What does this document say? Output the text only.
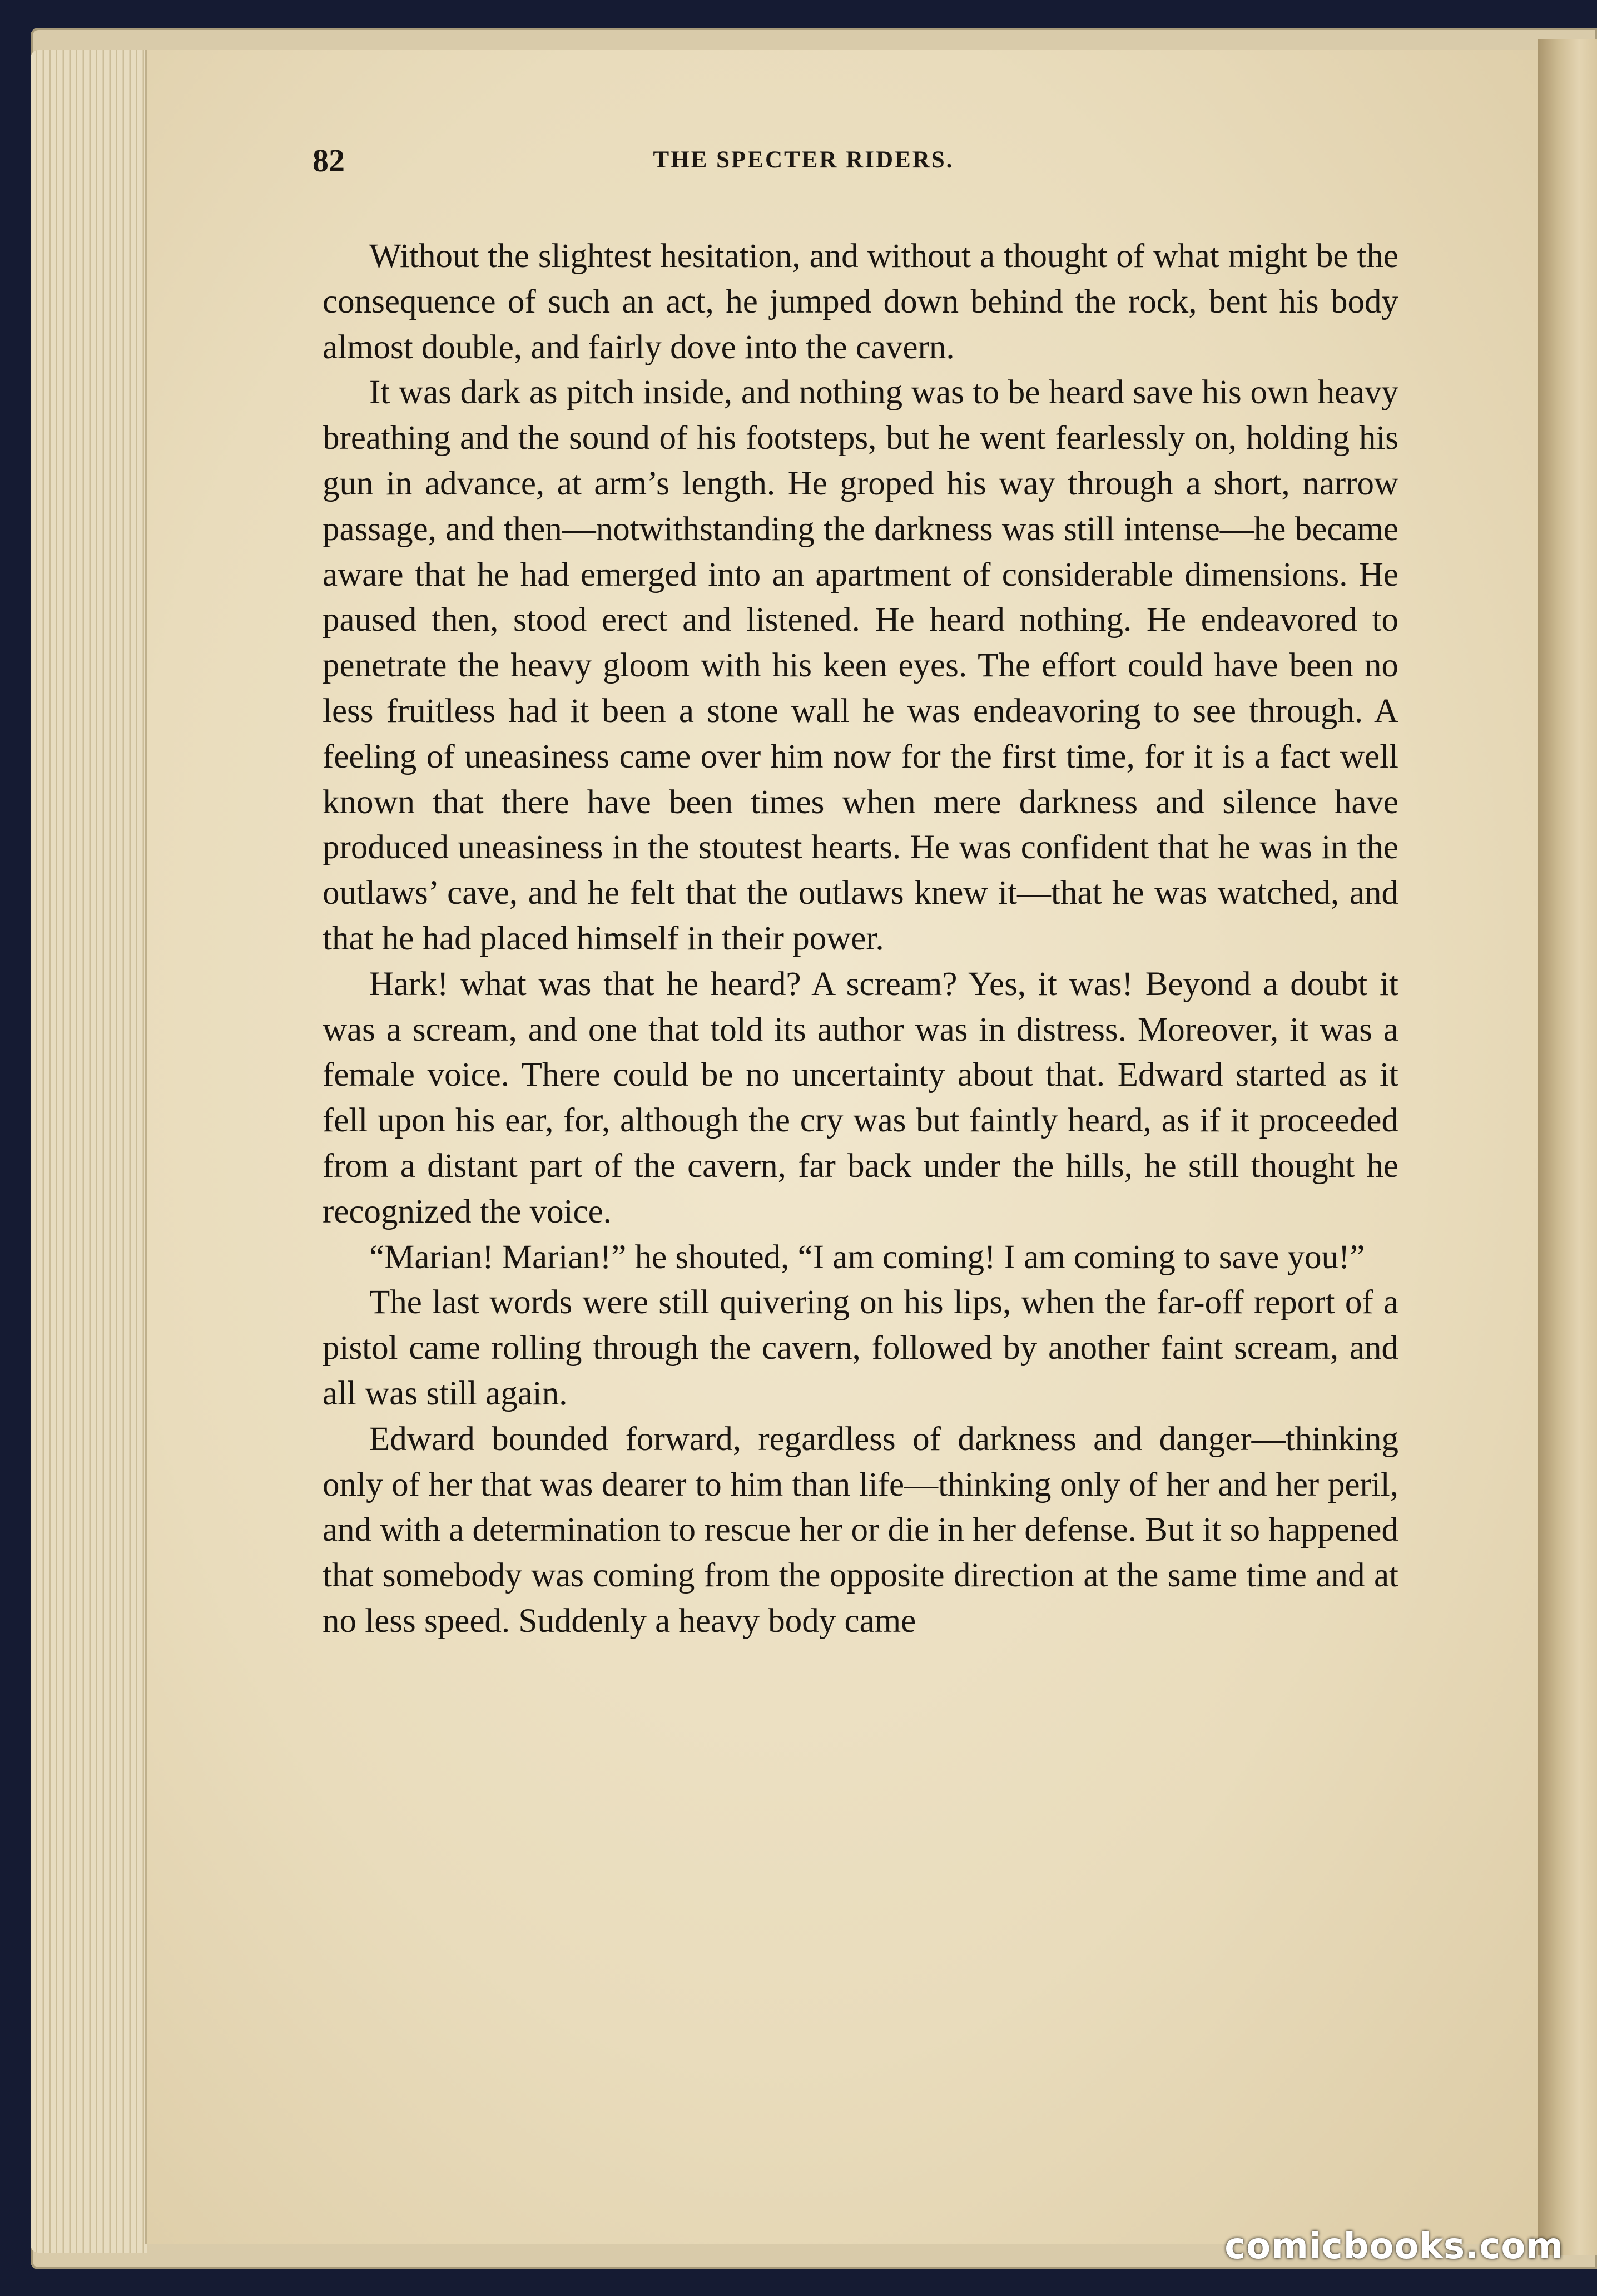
82	THE SPECTER RIDERS.

Without the slightest hesitation, and without a thought of what might be the consequence of such an act, he jumped down behind the rock, bent his body almost double, and fairly dove into the cavern.

It was dark as pitch inside, and nothing was to be heard save his own heavy breathing and the sound of his footsteps, but he went fearlessly on, holding his gun in advance, at arm’s length. He groped his way through a short, narrow passage, and then—notwithstanding the darkness was still intense—he became aware that he had emerged into an apartment of considerable dimensions. He paused then, stood erect and listened. He heard nothing. He endeavored to penetrate the heavy gloom with his keen eyes. The effort could have been no less fruitless had it been a stone wall he was endeavoring to see through. A feeling of uneasiness came over him now for the first time, for it is a fact well known that there have been times when mere darkness and silence have produced uneasiness in the stoutest hearts. He was confident that he was in the outlaws’ cave, and he felt that the outlaws knew it—that he was watched, and that he had placed himself in their power.

Hark! what was that he heard? A scream? Yes, it was! Beyond a doubt it was a scream, and one that told its author was in distress. Moreover, it was a female voice. There could be no uncertainty about that. Edward started as it fell upon his ear, for, although the cry was but faintly heard, as if it proceeded from a distant part of the cavern, far back under the hills, he still thought he recognized the voice.

“Marian! Marian!” he shouted, “I am coming! I am coming to save you!”

The last words were still quivering on his lips, when the far-off report of a pistol came rolling through the cavern, followed by another faint scream, and all was still again.

Edward bounded forward, regardless of darkness and danger—thinking only of her that was dearer to him than life—thinking only of her and her peril, and with a determination to rescue her or die in her defense. But it so happened that somebody was coming from the opposite direction at the same time and at no less speed. Suddenly a heavy body came

comicbooks.com
